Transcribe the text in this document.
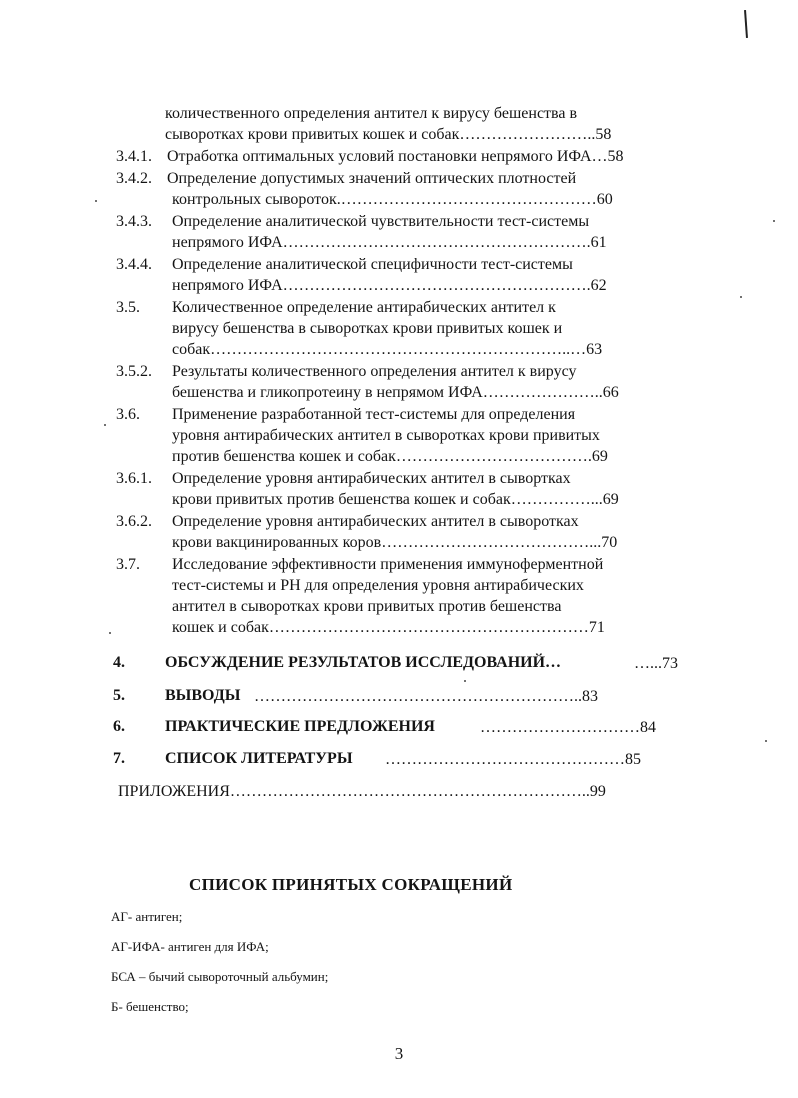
количественного определения антител к вирусу бешенства в
сыворотках крови привитых кошек и собак……………………..58
3.4.1. Отработка оптимальных условий постановки непрямого ИФА…58
3.4.2. Определение допустимых значений оптических плотностей
контрольных сывороток.…………………………………………60
3.4.3. Определение аналитической чувствительности тест-системы
непрямого ИФА………………………………………………….61
3.4.4. Определение аналитической специфичности тест-системы
непрямого ИФА………………………………………………….62
3.5. Количественное определение антирабических антител к
вирусу бешенства в сыворотках крови привитых кошек и
собак…………………………………………………………..…63
3.5.2. Результаты количественного определения антител к вирусу
бешенства и гликопротеину в непрямом ИФА…………………..66
3.6. Применение разработанной тест-системы для определения
уровня антирабических антител в сыворотках крови привитых
против бешенства кошек и собак……………………………….69
3.6.1. Определение уровня антирабических антител в сывортках
крови привитых против бешенства кошек и собак……………...69
3.6.2. Определение уровня антирабических антител в сыворотках
крови вакцинированных коров…………………………………...70
3.7. Исследование эффективности применения иммуноферментной
тест-системы и РН для определения уровня антирабических
антител в сыворотках крови привитых против бешенства
кошек и собак……………………………………………………71
4.	ОБСУЖДЕНИЕ РЕЗУЛЬТАТОВ ИССЛЕДОВАНИЙ…	…...73
5.	ВЫВОДЫ ……………………………………………………..83
6.	ПРАКТИЧЕСКИЕ ПРЕДЛОЖЕНИЯ	…………………………84
7.	СПИСОК ЛИТЕРАТУРЫ ………………………………………85
ПРИЛОЖЕНИЯ…………………………………………………………..99
СПИСОК ПРИНЯТЫХ СОКРАЩЕНИЙ
АГ- антиген;
АГ-ИФА- антиген для ИФА;
БСА – бычий сывороточный альбумин;
Б- бешенство;
3
